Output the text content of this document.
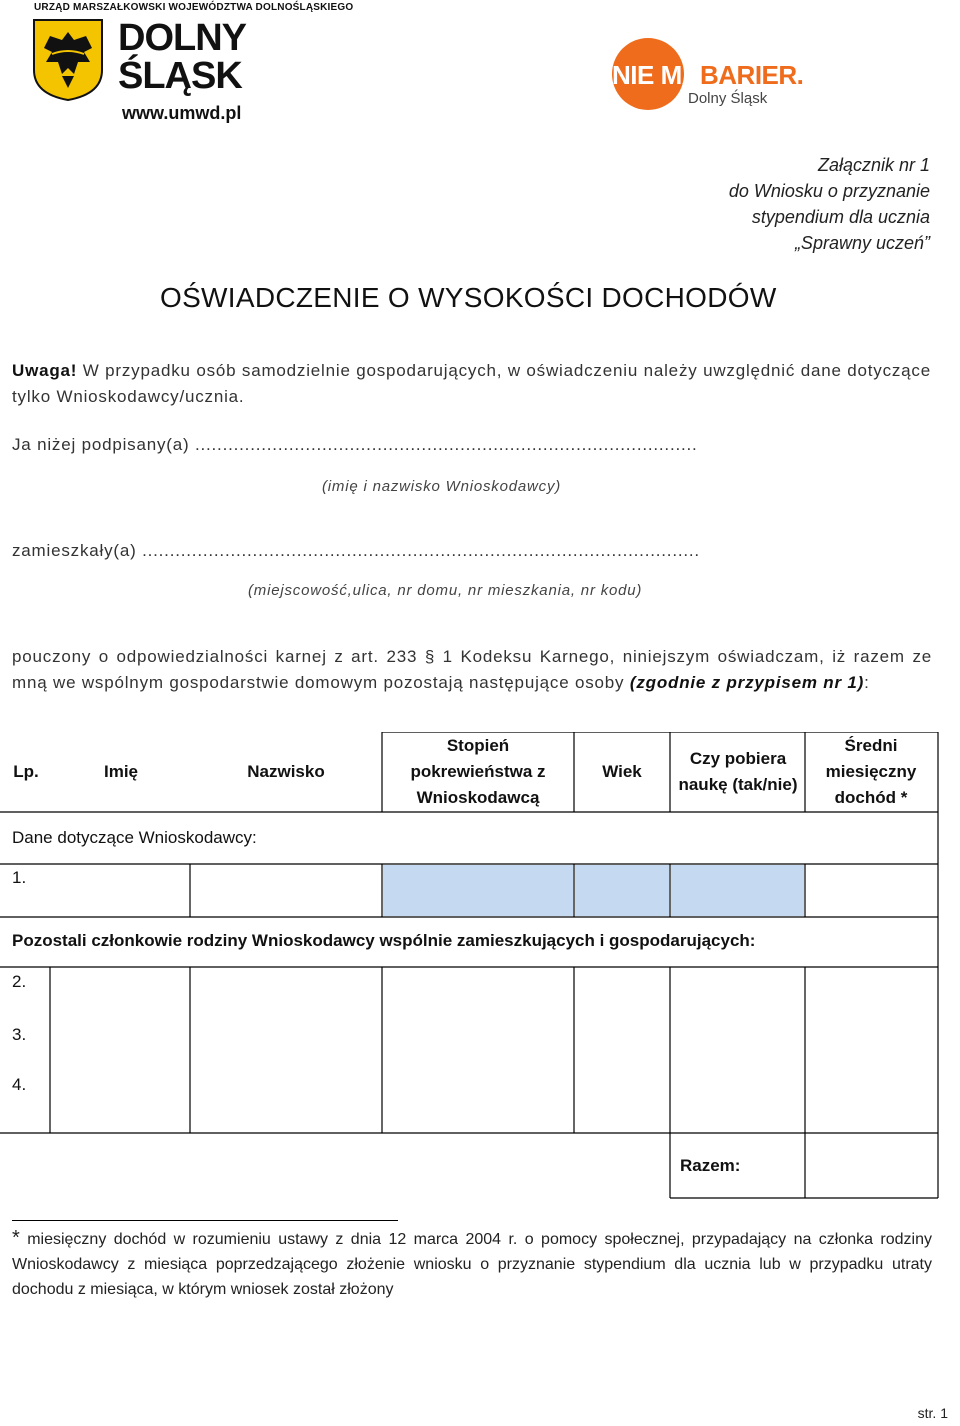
URZĄD MARSZAŁKOWSKI WOJEWÓDZTWA DOLNOŚLĄSKIEGO
DOLNY
ŚLĄSK
www.umwd.pl
NIE MABARIER.
Dolny Śląsk
Załącznik nr 1
do Wniosku o przyznanie
stypendium dla ucznia
„Sprawny uczeń”
OŚWIADCZENIE O WYSOKOŚCI DOCHODÓW
Uwaga! W przypadku osób samodzielnie gospodarujących, w oświadczeniu należy uwzględnić dane dotyczące tylko Wnioskodawcy/ucznia.
Ja niżej podpisany(a) ...........................................................................................
(imię i nazwisko Wnioskodawcy)
zamieszkały(a) .....................................................................................................
(miejscowość,ulica, nr domu, nr mieszkania, nr kodu)
pouczony o odpowiedzialności karnej z art. 233 § 1 Kodeksu Karnego, niniejszym oświadczam, iż razem ze mną we wspólnym gospodarstwie domowym pozostają następujące osoby (zgodnie z przypisem nr 1):
Lp.	Imię	Nazwisko
Stopień pokrewieństwa z Wnioskodawcą
Wiek
Czy pobiera naukę (tak/nie)
Średni miesięczny dochód *
Dane dotyczące Wnioskodawcy:
1.
Pozostali członkowie rodziny Wnioskodawcy wspólnie zamieszkujących i gospodarujących:
2.
3.
4.
Razem:
* miesięczny dochód w rozumieniu ustawy z dnia 12 marca 2004 r. o pomocy społecznej, przypadający na członka rodziny Wnioskodawcy z miesiąca poprzedzającego złożenie wniosku o przyznanie stypendium dla ucznia lub w przypadku utraty dochodu z miesiąca, w którym wniosek został złożony
str. 1
